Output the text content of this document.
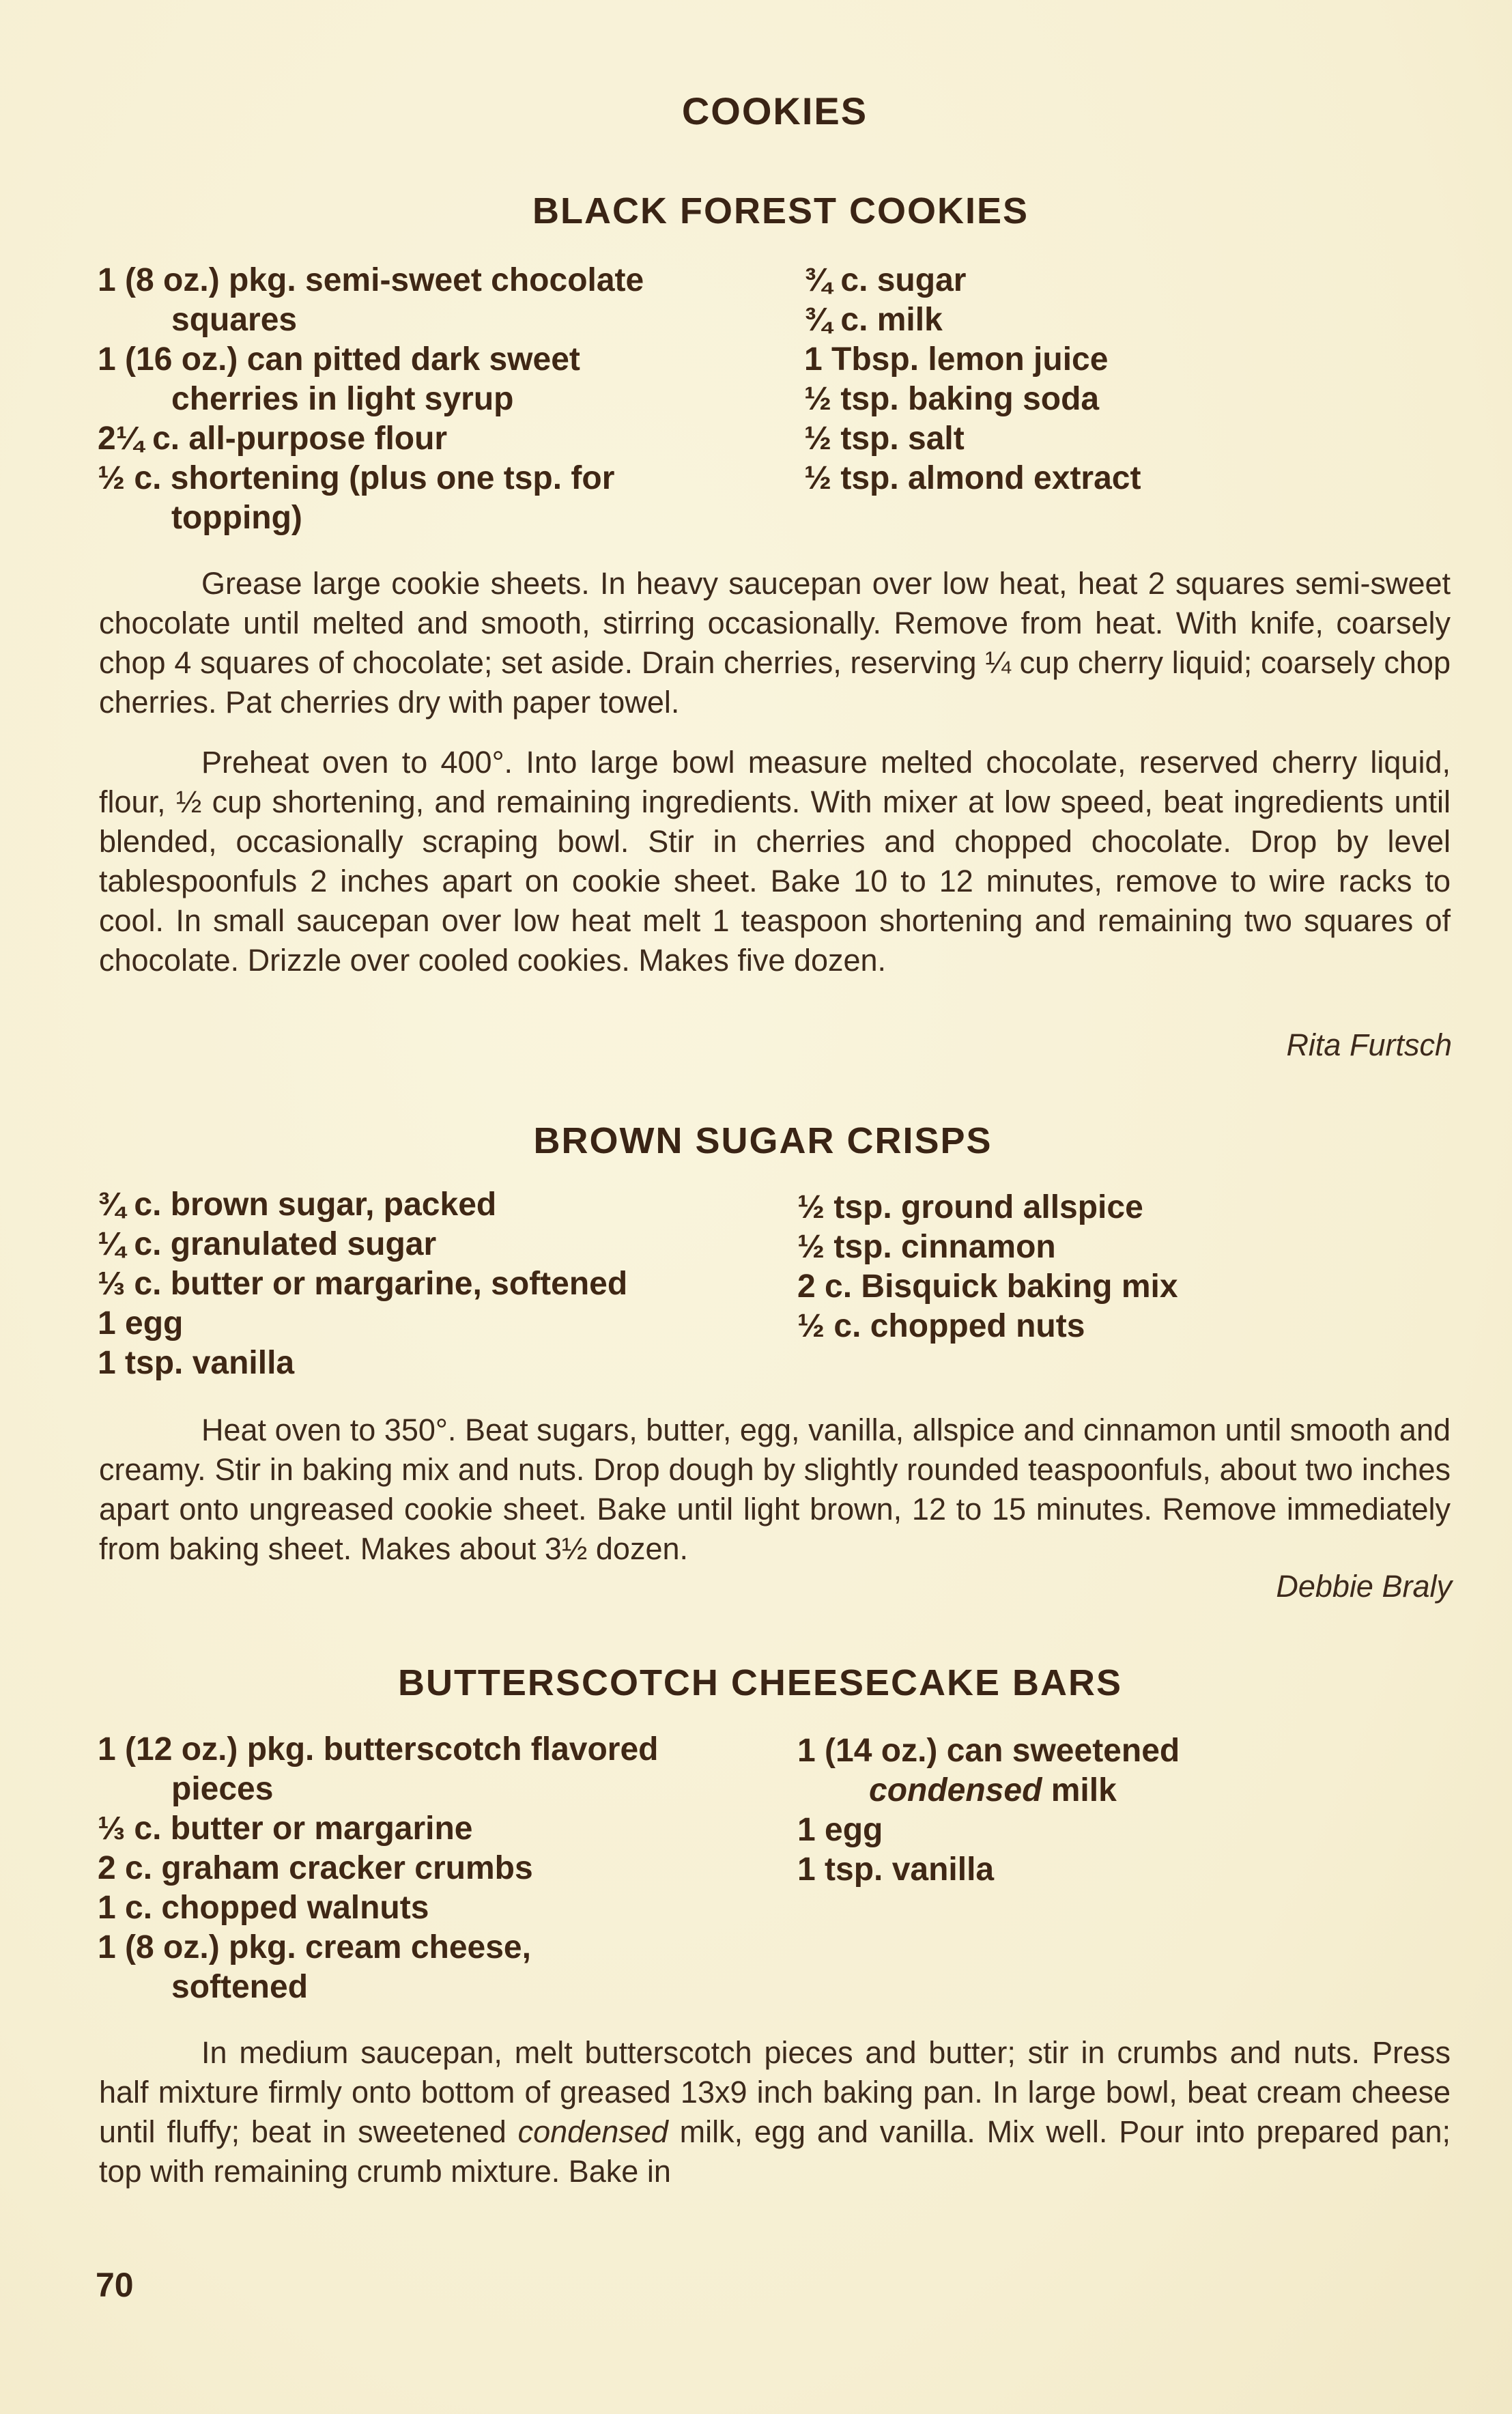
COOKIES
BLACK FOREST COOKIES
1 (8 oz.) pkg. semi-sweet chocolate
squares
1 (16 oz.) can pitted dark sweet
cherries in light syrup
2¼ c. all-purpose flour
½ c. shortening (plus one tsp. for
topping)
¾ c. sugar
¾ c. milk
1 Tbsp. lemon juice
½ tsp. baking soda
½ tsp. salt
½ tsp. almond extract

Grease large cookie sheets. In heavy saucepan over low heat, heat 2 squares semi-sweet chocolate until melted and smooth, stirring occasionally. Remove from heat. With knife, coarsely chop 4 squares of chocolate; set aside. Drain cherries, reserving ¼ cup cherry liquid; coarsely chop cherries. Pat cherries dry with paper towel.

Preheat oven to 400°. Into large bowl measure melted chocolate, reserved cherry liquid, flour, ½ cup shortening, and remaining ingredients. With mixer at low speed, beat ingredients until blended, occasionally scraping bowl. Stir in cherries and chopped chocolate. Drop by level tablespoonfuls 2 inches apart on cookie sheet. Bake 10 to 12 minutes, remove to wire racks to cool. In small saucepan over low heat melt 1 teaspoon shortening and remaining two squares of chocolate. Drizzle over cooled cookies. Makes five dozen.

Rita Furtsch
BROWN SUGAR CRISPS
¾ c. brown sugar, packed
¼ c. granulated sugar
⅓ c. butter or margarine, softened
1 egg
1 tsp. vanilla
½ tsp. ground allspice
½ tsp. cinnamon
2 c. Bisquick baking mix
½ c. chopped nuts

Heat oven to 350°. Beat sugars, butter, egg, vanilla, allspice and cinnamon until smooth and creamy. Stir in baking mix and nuts. Drop dough by slightly rounded teaspoonfuls, about two inches apart onto ungreased cookie sheet. Bake until light brown, 12 to 15 minutes. Remove immediately from baking sheet. Makes about 3½ dozen.

Debbie Braly
BUTTERSCOTCH CHEESECAKE BARS
1 (12 oz.) pkg. butterscotch flavored
pieces
⅓ c. butter or margarine
2 c. graham cracker crumbs
1 c. chopped walnuts
1 (8 oz.) pkg. cream cheese,
softened
1 (14 oz.) can sweetened
condensed milk
1 egg
1 tsp. vanilla

In medium saucepan, melt butterscotch pieces and butter; stir in crumbs and nuts. Press half mixture firmly onto bottom of greased 13x9 inch baking pan. In large bowl, beat cream cheese until fluffy; beat in sweetened condensed milk, egg and vanilla. Mix well. Pour into prepared pan; top with remaining crumb mixture. Bake in

70
